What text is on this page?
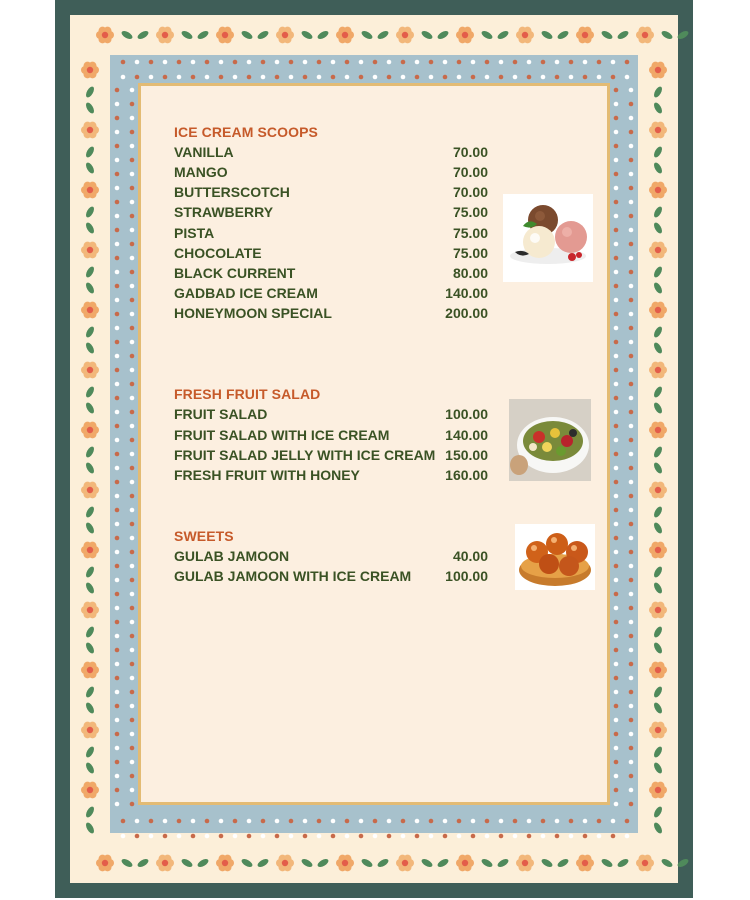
ICE CREAM SCOOPS
VANILLA	70.00
MANGO	70.00
BUTTERSCOTCH	70.00
STRAWBERRY	75.00
PISTA	75.00
CHOCOLATE	75.00
BLACK CURRENT	80.00
GADBAD ICE CREAM	140.00
HONEYMOON SPECIAL	200.00
FRESH FRUIT SALAD
FRUIT SALAD	100.00
FRUIT SALAD WITH ICE CREAM	140.00
FRUIT SALAD JELLY WITH ICE CREAM 150.00
FRESH FRUIT WITH HONEY	160.00
SWEETS
GULAB JAMOON	40.00
GULAB JAMOON WITH ICE CREAM 100.00
